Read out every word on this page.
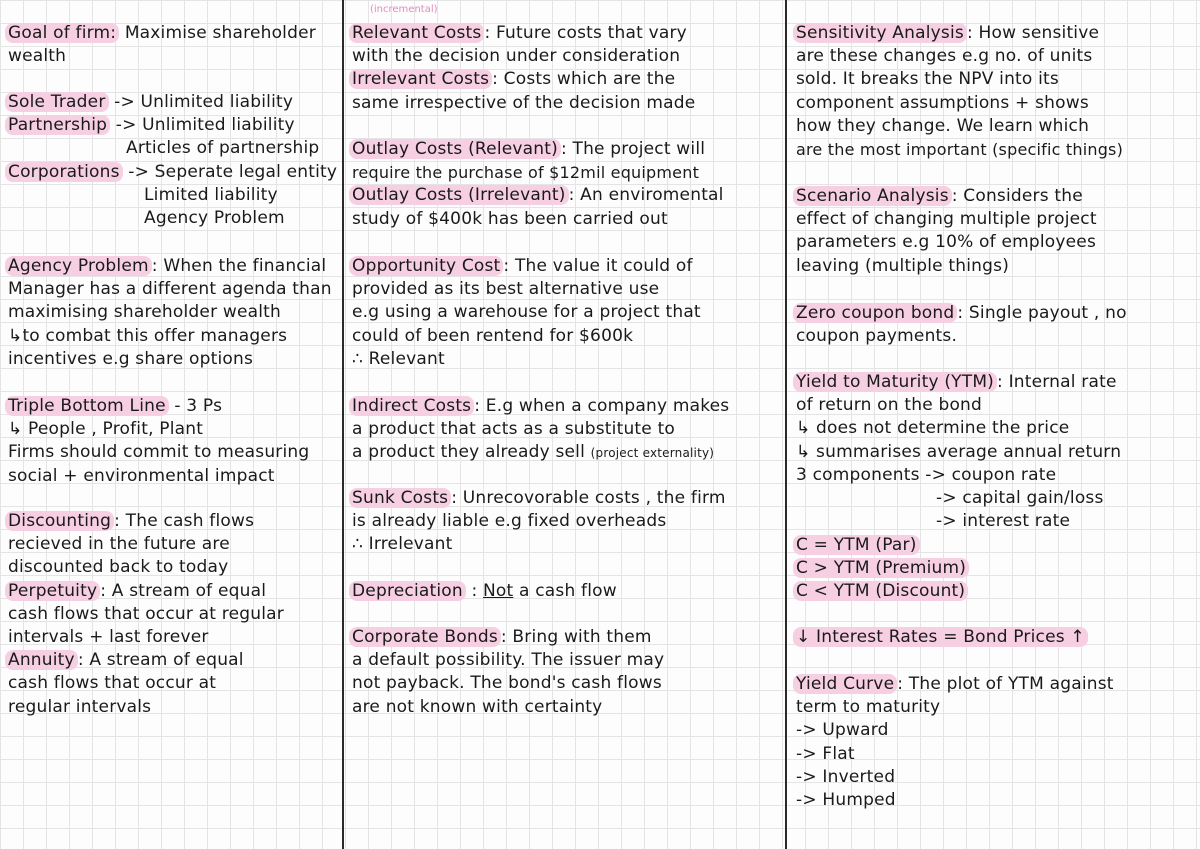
Goal of firm: Maximise shareholder
wealth
Sole Trader -> Unlimited liability
Partnership -> Unlimited liability
Articles of partnership
Corporations -> Seperate legal entity
Limited liability
Agency Problem
Agency Problem : When the financial
Manager has a different agenda than
maximising shareholder wealth
↳to combat this offer managers
incentives e.g share options
Triple Bottom Line - 3 Ps
↳ People , Profit, Plant
Firms should commit to measuring
social + environmental impact
Discounting : The cash flows
recieved in the future are
discounted back to today
Perpetuity : A stream of equal
cash flows that occur at regular
intervals + last forever
Annuity : A stream of equal
cash flows that occur at
regular intervals
(incremental)
Relevant Costs : Future costs that vary
with the decision under consideration
Irrelevant Costs : Costs which are the
same irrespective of the decision made
Outlay Costs (Relevant) : The project will
require the purchase of $12mil equipment
Outlay Costs (Irrelevant) : An enviromental
study of $400k has been carried out
Opportunity Cost : The value it could of
provided as its best alternative use
e.g using a warehouse for a project that
could of been rentend for $600k
∴ Relevant
Indirect Costs : E.g when a company makes
a product that acts as a substitute to
a product they already sell (project externality)
Sunk Costs : Unrecovorable costs , the firm
is already liable e.g fixed overheads
∴ Irrelevant
Depreciation : Not a cash flow
Corporate Bonds : Bring with them
a default possibility. The issuer may
not payback. The bond's cash flows
are not known with certainty
Sensitivity Analysis : How sensitive
are these changes e.g no. of units
sold. It breaks the NPV into its
component assumptions + shows
how they change. We learn which
are the most important (specific things)
Scenario Analysis : Considers the
effect of changing multiple project
parameters e.g 10% of employees
leaving (multiple things)
Zero coupon bond : Single payout , no
coupon payments.
Yield to Maturity (YTM) : Internal rate
of return on the bond
↳ does not determine the price
↳ summarises average annual return
3 components -> coupon rate
-> capital gain/loss
-> interest rate
C = YTM (Par)
C > YTM (Premium)
C < YTM (Discount)
↓ Interest Rates = Bond Prices ↑
Yield Curve : The plot of YTM against
term to maturity
-> Upward
-> Flat
-> Inverted
-> Humped
